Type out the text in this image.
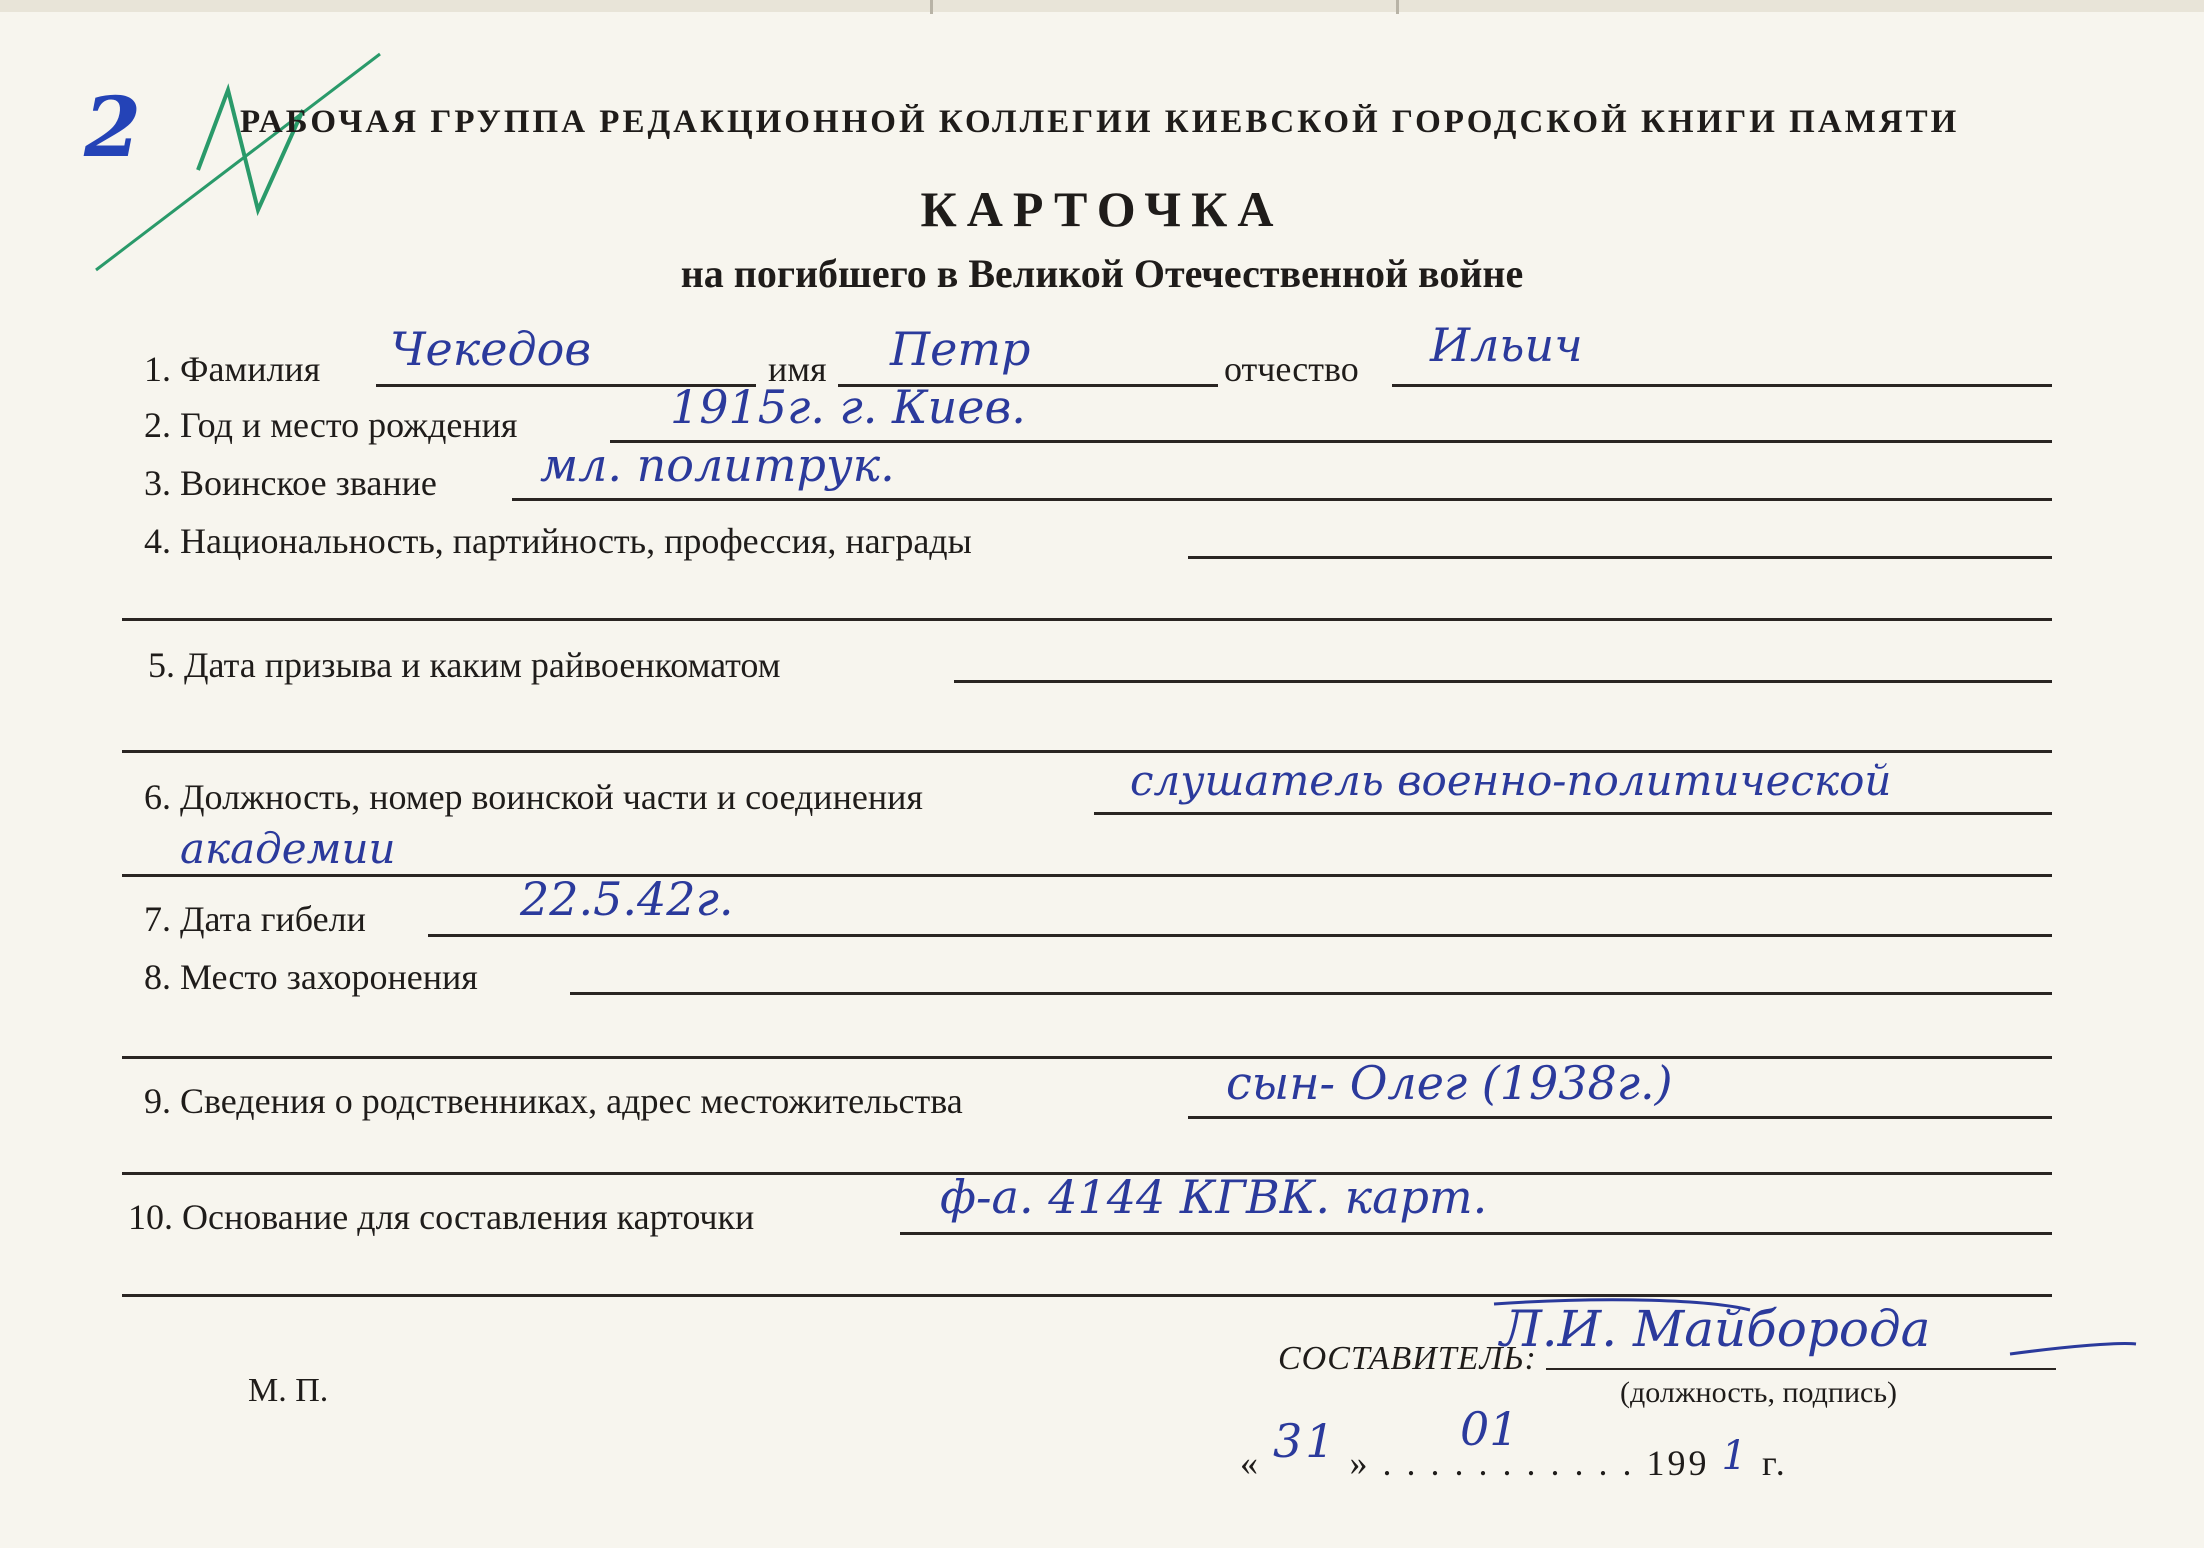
2	РАБОЧАЯ ГРУППА РЕДАКЦИОННОЙ КОЛЛЕГИИ КИЕВСКОЙ ГОРОДСКОЙ КНИГИ ПАМЯТИ
КАРТОЧКА
на погибшего в Великой Отечественной войне
1. Фамилия Чекедов	имя Петр	отчество Ильич
2. Год и место рождения	1915г. г. Киев.
3. Воинское звание мл. политрук.
4. Национальность, партийность, профессия, награды
5. Дата призыва и каким райвоенкоматом
6. Должность, номер воинской части и соединения	слушатель военно-политической
академии
7. Дата гибели	22.5.42г.
8. Место захоронения
9. Сведения о родственниках, адрес местожительства	сын- Олег (1938г.)
10. Основание для составления карточки	ф-а. 4144 КГВК. карт.
М. П.
СОСТАВИТЕЛЬ:
Л.И. Майборода
(должность, подпись)
« 31 » . . . . . . . . . . . 199 1 г.
01
